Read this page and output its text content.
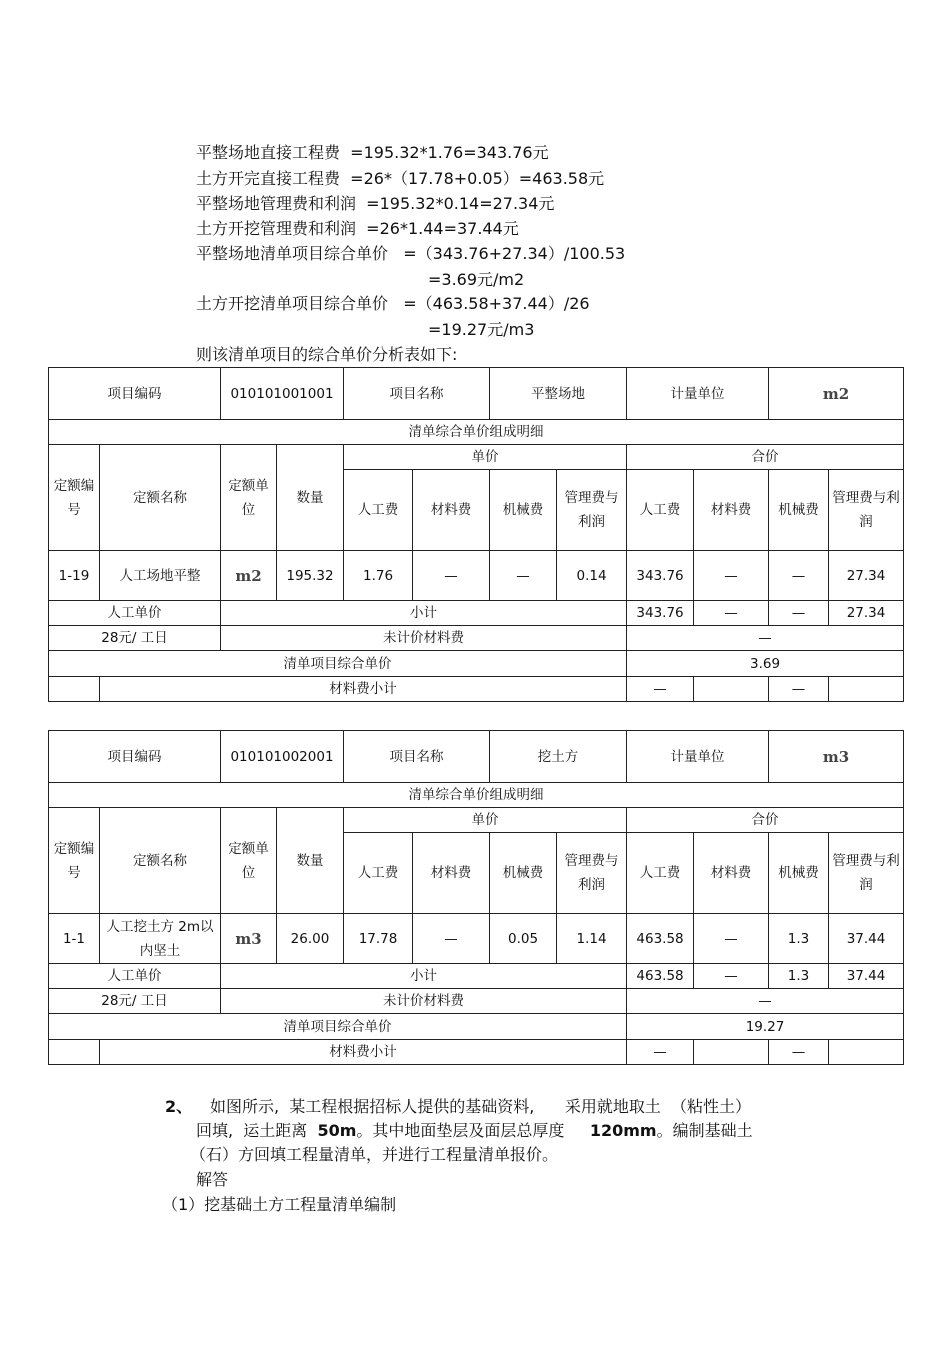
平整场地直接工程费  =195.32*1.76=343.76元
土方开完直接工程费  =26*（17.78+0.05）=463.58元
平整场地管理费和利润  =195.32*0.14=27.34元
土方开挖管理费和利润  =26*1.44=37.44元
平整场地清单项目综合单价   =（343.76+27.34）/100.53
=3.69元/m2
土方开挖清单项目综合单价   =（463.58+37.44）/26
=19.27元/m3
则该清单项目的综合单价分析表如下:
项目编码		010101001001		项目名称		平整场地		计量单位		m2	
清单综合单价组成明细											
定额编号	定额名称	定额单位	数量	单价				合价			
				人工费	材料费	机械费	管理费与利润	人工费	材料费	机械费	管理费与利润
1-19	人工场地平整	m2	195.32	1.76	—	—	0.14	343.76	—	—	27.34
人工单价		小计						343.76	—	—	27.34
28元/ 工日		未计价材料费						—			
清单项目综合单价								3.69			
	材料费小计							—		—	
项目编码		010101002001		项目名称		挖土方		计量单位		m3	
清单综合单价组成明细											
定额编号	定额名称	定额单位	数量	单价				合价			
				人工费	材料费	机械费	管理费与利润	人工费	材料费	机械费	管理费与利润
1-1	人工挖土方 2m以内坚土	m3	26.00	17.78	—	0.05	1.14	463.58	—	1.3	37.44
人工单价		小计						463.58	—	1.3	37.44
28元/ 工日		未计价材料费						—			
清单项目综合单价								19.27			
	材料费小计							—		—	
2、 如图所示,  某工程根据招标人提供的基础资料,      采用就地取土  （粘性土）
回填,  运土距离  50m。其中地面垫层及面层总厚度     120mm。编制基础土
（石）方回填工程量清单，并进行工程量清单报价。
解答
（1）挖基础土方工程量清单编制
